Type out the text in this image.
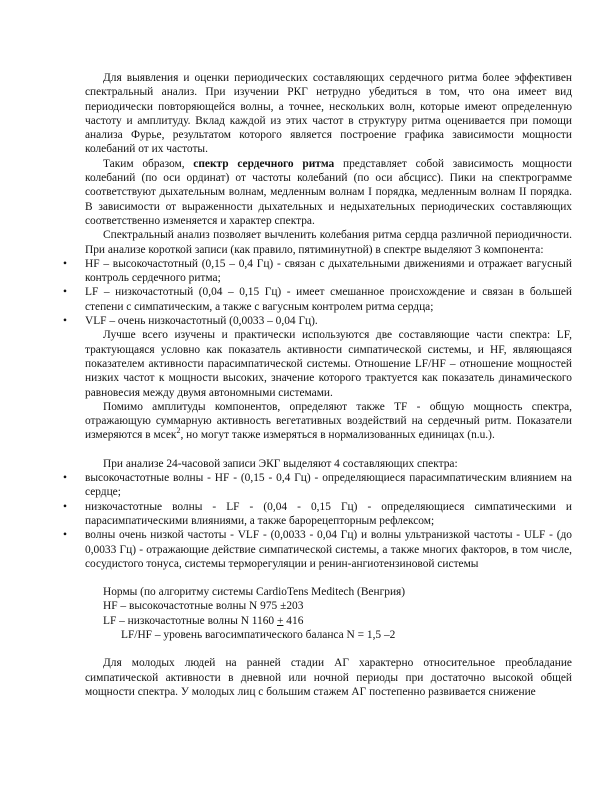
Для выявления и оценки периодических составляющих сердечного ритма более эффективен спектральный анализ. При изучении РКГ нетрудно убедиться в том, что она имеет вид периодически повторяющейся волны, а точнее, нескольких волн, которые имеют определенную частоту и амплитуду. Вклад каждой из этих частот в структуру ритма оценивается при помощи анализа Фурье, результатом которого является построение графика зависимости мощности колебаний от их частоты.

Таким образом, спектр сердечного ритма представляет собой зависимость мощности колебаний (по оси ординат) от частоты колебаний (по оси абсцисс). Пики на спектрограмме соответствуют дыхательным волнам, медленным волнам I порядка, медленным волнам II порядка. В зависимости от выраженности дыхательных и недыхательных периодических составляющих соответственно изменяется и характер спектра.

Спектральный анализ позволяет вычленить колебания ритма сердца различной периодичности. При анализе короткой записи (как правило, пятиминутной) в спектре выделяют 3 компонента:

• HF – высокочастотный (0,15 – 0,4 Гц) - связан с дыхательными движениями и отражает вагусный контроль сердечного ритма;
• LF – низкочастотный (0,04 – 0,15 Гц) - имеет смешанное происхождение и связан в большей степени с симпатическим, а также с вагусным контролем ритма сердца;
• VLF – очень низкочастотный (0,0033 – 0,04 Гц).

Лучше всего изучены и практически используются две составляющие части спектра: LF, трактующаяся условно как показатель активности симпатической системы, и HF, являющаяся показателем активности парасимпатической системы. Отношение LF/HF – отношение мощностей низких частот к мощности высоких, значение которого трактуется как показатель динамического равновесия между двумя автономными системами.

Помимо амплитуды компонентов, определяют также TF - общую мощность спектра, отражающую суммарную активность вегетативных воздействий на сердечный ритм. Показатели измеряются в мсек$^2$, но могут также измеряться в нормализованных единицах (n.u.).

При анализе 24-часовой записи ЭКГ выделяют 4 составляющих спектра:

• высокочастотные волны - HF - (0,15 - 0,4 Гц) - определяющиеся парасимпатическим влиянием на сердце;
• низкочастотные волны - LF - (0,04 - 0,15 Гц) - определяющиеся симпатическими и парасимпатическими влияниями, а также барорецепторным рефлексом;
• волны очень низкой частоты - VLF - (0,0033 - 0,04 Гц) и волны ультранизкой частоты - ULF - (до 0,0033 Гц) - отражающие действие симпатической системы, а также многих факторов, в том числе, сосудистого тонуса, системы терморегуляции и ренин-ангиотензиновой системы
Нормы (по алгоритму системы CardioTens Meditech (Венгрия)
HF – высокочастотные волны N 975 ±203
LF – низкочастотные волны N 1160 + 416
LF/HF – уровень вагосимпатического баланса N = 1,5 –2

Для молодых людей на ранней стадии АГ характерно относительное преобладание симпатической активности в дневной или ночной периоды при достаточно высокой общей мощности спектра. У молодых лиц с большим стажем АГ постепенно развивается снижение
